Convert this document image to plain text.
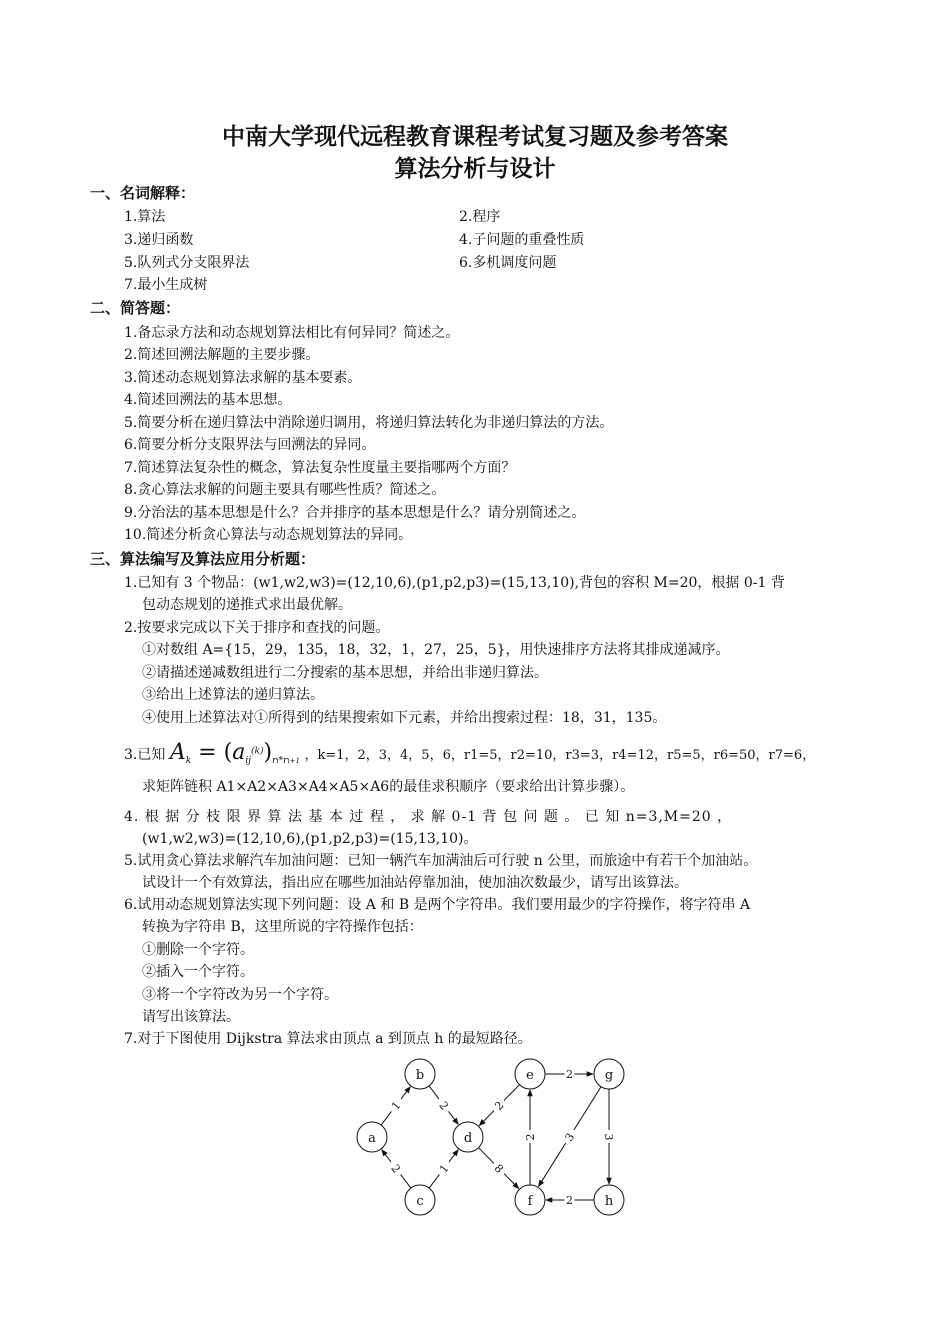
中南大学现代远程教育课程考试复习题及参考答案
算法分析与设计
一、名词解释：
1.算法	2.程序
3.递归函数	4.子问题的重叠性质
5.队列式分支限界法	6.多机调度问题
7.最小生成树
二、简答题：
1.备忘录方法和动态规划算法相比有何异同？简述之。
2.简述回溯法解题的主要步骤。
3.简述动态规划算法求解的基本要素。
4.简述回溯法的基本思想。
5.简要分析在递归算法中消除递归调用，将递归算法转化为非递归算法的方法。
6.简要分析分支限界法与回溯法的异同。
7.简述算法复杂性的概念，算法复杂性度量主要指哪两个方面？
8.贪心算法求解的问题主要具有哪些性质？简述之。
9.分治法的基本思想是什么？合并排序的基本思想是什么？请分别简述之。
10.简述分析贪心算法与动态规划算法的异同。
三、算法编写及算法应用分析题：
1.已知有 3 个物品：(w1,w2,w3)=(12,10,6),(p1,p2,p3)=(15,13,10),背包的容积 M=20，根据 0-1 背
包动态规划的递推式求出最优解。
2.按要求完成以下关于排序和查找的问题。
①对数组 A={15，29，135，18，32，1，27，25，5}，用快速排序方法将其排成递减序。
②请描述递减数组进行二分搜索的基本思想，并给出非递归算法。
③给出上述算法的递归算法。
④使用上述算法对①所得到的结果搜索如下元素，并给出搜索过程：18，31，135。
3.已知 $A_k = (a_{ij}^{(k)})_{ri*ri+1}$ ，k=1，2，3，4，5，6，r1=5，r2=10，r3=3，r4=12，r5=5，r6=50，r7=6，
求矩阵链积 A1×A2×A3×A4×A5×A6的最佳求积顺序（要求给出计算步骤）。
4. 根 据 分 枝 限 界 算 法 基 本 过 程 ， 求 解 0-1 背 包 问 题 。 已 知 n=3,M=20 ，
(w1,w2,w3)=(12,10,6),(p1,p2,p3)=(15,13,10)。
5.试用贪心算法求解汽车加油问题：已知一辆汽车加满油后可行驶 n 公里，而旅途中有若干个加油站。
试设计一个有效算法，指出应在哪些加油站停靠加油，使加油次数最少，请写出该算法。
6.试用动态规划算法实现下列问题：设 A 和 B 是两个字符串。我们要用最少的字符操作，将字符串 A
转换为字符串 B，这里所说的字符操作包括：
①删除一个字符。
②插入一个字符。
③将一个字符改为另一个字符。
请写出该算法。
7.对于下图使用 Dijkstra 算法求由顶点 a 到顶点 h 的最短路径。
1	2
2	1
2
8
2
2
3 3
2
a
b
c
d
e
f
g
h
